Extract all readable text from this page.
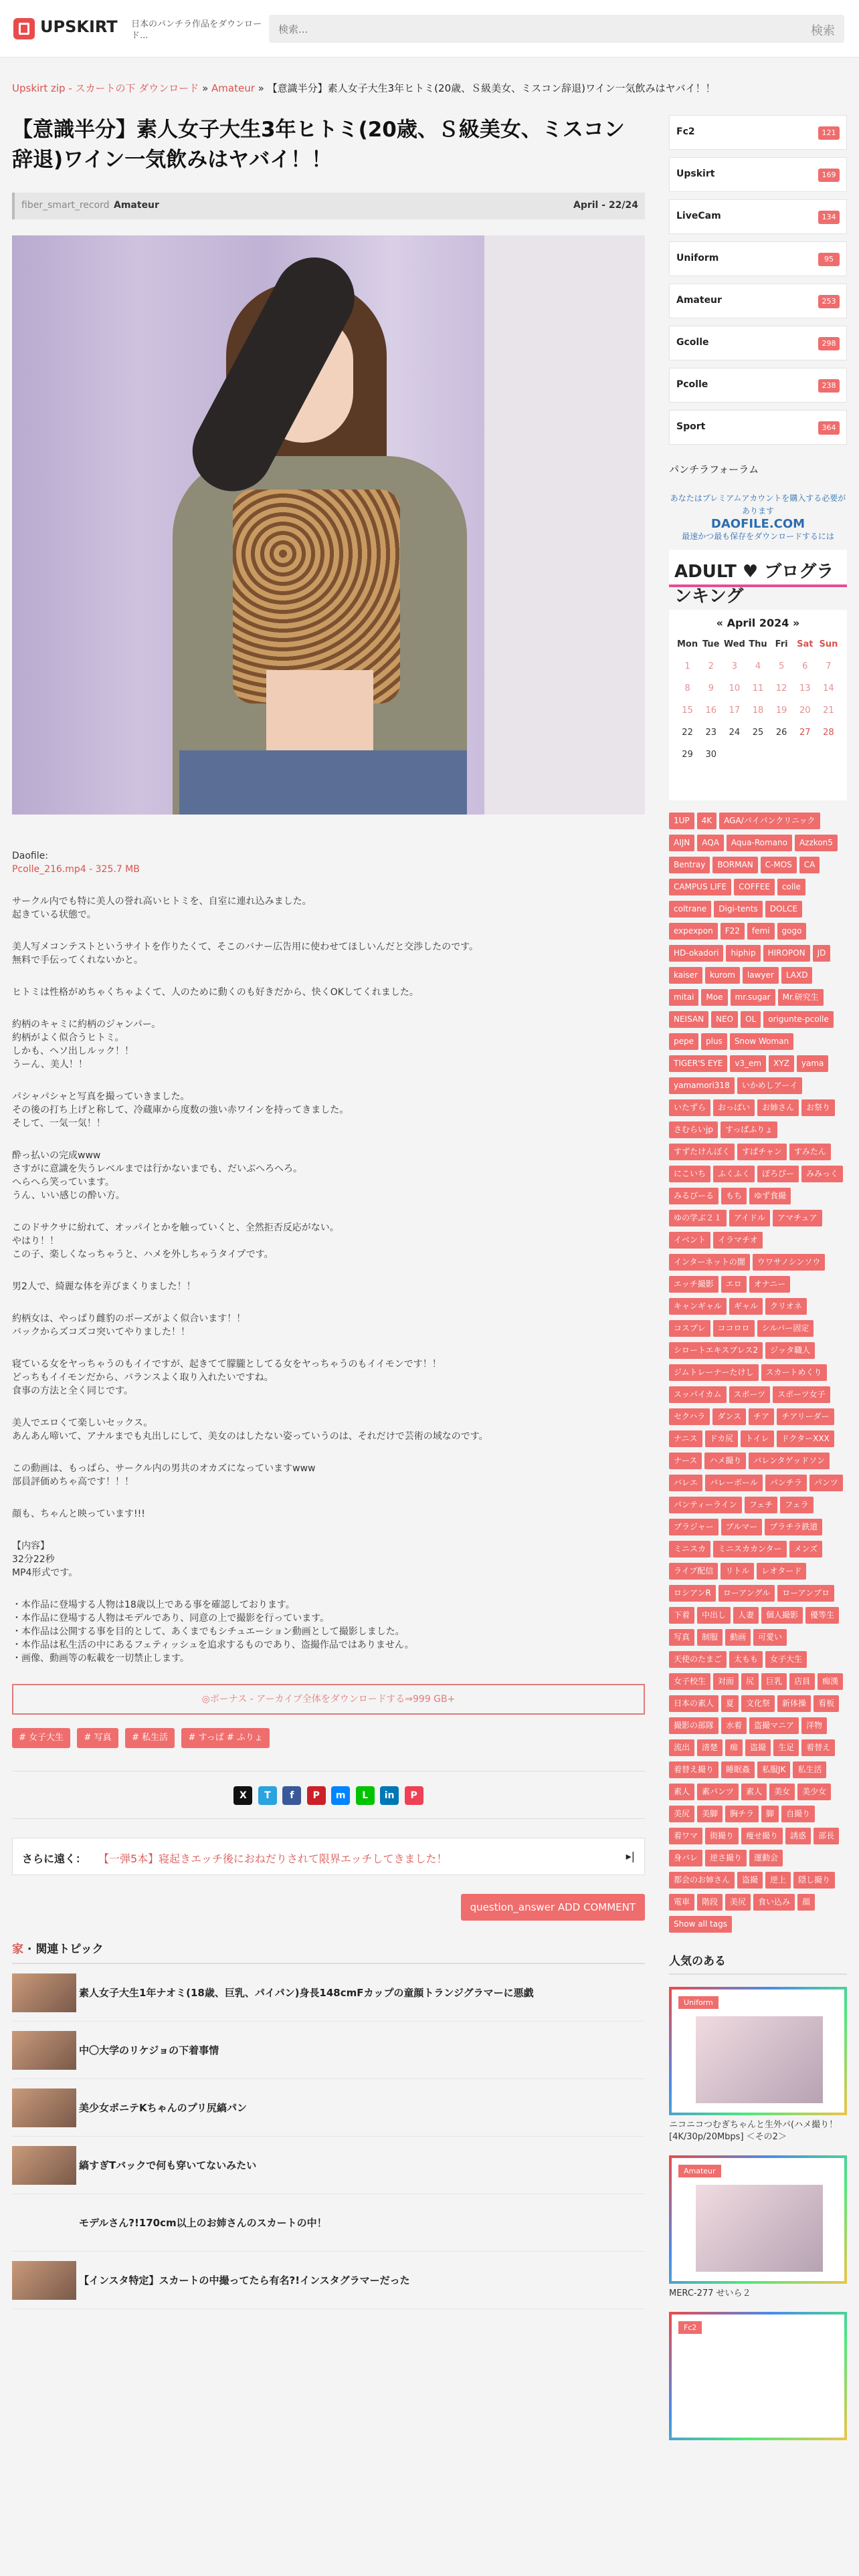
UPSKIRT 日本のパンチラ作品をダウンロード...
検索...	検索
Upskirt zip - スカートの下 ダウンロード » Amateur » 【意識半分】素人女子大生3年ヒトミ(20歳、Ｓ級美女、ミスコン辞退)ワイン一気飲みはヤバイ！！
【意識半分】素人女子大生3年ヒトミ(20歳、Ｓ級美女、ミスコン辞退)ワイン一気飲みはヤバイ！！
fiber_smart_record Amateur	April - 22/24
Daofile:
Pcolle_216.mp4 - 325.7 MB

サークル内でも特に美人の誉れ高いヒトミを、自室に連れ込みました。
起きている状態で。

美人写メコンテストというサイトを作りたくて、そこのバナー広告用に使わせてほしいんだと交渉したのです。
無料で手伝ってくれないかと。

ヒトミは性格がめちゃくちゃよくて、人のために動くのも好きだから、快くOKしてくれました。

約柄のキャミに約柄のジャンパー。
約柄がよく似合うヒトミ。
しかも、ヘソ出しルック！！
うーん、美人！！

パシャパシャと写真を撮っていきました。
その後の打ち上げと称して、冷蔵庫から度数の強い赤ワインを持ってきました。
そして、一気一気！！

酔っ払いの完成www
さすがに意識を失うレベルまでは行かないまでも、だいぶへろへろ。
へらへら笑っています。
うん、いい感じの酔い方。

このドサクサに紛れて、オッパイとかを触っていくと、全然拒否反応がない。
やはり！！
この子、楽しくなっちゃうと、ハメを外しちゃうタイプです。

男2人で、綺麗な体を弄びまくりました！！

約柄女は、やっぱり雌豹のポーズがよく似合います！！
バックからズコズコ突いてやりました！！

寝ている女をヤっちゃうのもイイですが、起きてて朦朧としてる女をヤっちゃうのもイイモンです！！
どっちもイイモンだから、バランスよく取り入れたいですね。
食事の方法と全く同じです。

美人でエロくて楽しいセックス。
あんあん啼いて、アナルまでも丸出しにして、美女のはしたない姿っていうのは、それだけで芸術の域なのです。

この動画は、もっぱら、サークル内の男共のオカズになっていますwww
部員評価めちゃ高です！！！

顔も、ちゃんと映っています!!!

【内容】
32分22秒
MP4形式です。

・本作品に登場する人物は18歳以上である事を確認しております。
・本作品に登場する人物はモデルであり、同意の上で撮影を行っています。
・本作品は公開する事を目的として、あくまでもシチュエーション動画として撮影しました。
・本作品は私生活の中にあるフェティッシュを追求するものであり、盗撮作品ではありません。
・画像、動画等の転載を一切禁止します。

◎ボーナス - アーカイブ全体をダウンロードする⇒999 GB+
# 女子大生 # 写真 # 私生活 # すっぱ # ふりょ
X T f P m L in P
さらに遠く： 【一弾5本】寝起きエッチ後におねだりされて限界エッチしてきました！	▸|
question_answer ADD COMMENT
家 · 関連トピック
素人女子大生1年ナオミ(18歳、巨乳、パイパン)身長148cmFカップの童顔トランジグラマーに悪戯
中〇大学のリケジョの下着事情
美少女ポニテKちゃんのプリ尻縞パン
縞すぎTバックで何も穿いてないみたい
モデルさん?!170cm以上のお姉さんのスカートの中！
【インスタ特定】スカートの中撮ってたら有名?!インスタグラマーだった
Fc2	121
Upskirt	169
LiveCam	134
Uniform	95
Amateur	253
Gcolle	298
Pcolle	238
Sport	364
パンチラフォーラム
あなたはプレミアムアカウントを購入する必要があります
DAOFILE.COM
最速かつ最も保存をダウンロードするには
ADULT ♥ ブログランキング
« April 2024 »
Mon	Tue	Wed	Thu	Fri	Sat	Sun
1	2	3	4	5	6	7
8	9	10	11	12	13	14
15	16	17	18	19	20	21
22	23	24	25	26	27	28
29	30					
1UP 4K AGA/パイパンクリニックAIJN AQA Aqua-Romano Azzkon5Bentray BORMAN C-MOS CACAMPUS LIFE COFFEE collecoltrane Digi-tents DOLCEexpexpon F22 femi gogoHD-okadori hiphip HIROPON JDkaiser kurom lawyer LAXDmitai Moe mr.sugar Mr.研究生NEISAN NEO OL origunte-pcollepepe plus Snow WomanTIGER'S EYE v3_em XYZ yamayamamori318 いかめしアーイいたずら おっぱい お姉さん お祭りさむらいjp すっぱふりょすずたけんぼく すぱチャン すみたんにこいち ふくふく ぽろぴー みみっくみるびーる もち ゆず食撮ゆの学ぶ２１ アイドル アマチュアイベント イラマチオインターネットの闇 ウワサノシンソウエッチ撮影 エロ オナニーキャンギャル ギャル クリオネコスプレ ココロロ シルバー固定シロートエキスプレス2 ジッタ職人ジムトレーナーたけし スカートめくりスッパイカム スポーツ スポーツ女子セクハラ ダンス チア チアリーダーナニス ドカ尻 トイレ ドクターXXXナース ハメ撮り バレンタゲッドソンバレエ バレーボール パンチラ パンツパンティーライン フェチ フェラブラジャー ブルマー ブラチラ鉄道ミニスカ ミニスカカンター メンズライブ配信 リトル レオタードロシアンR ローアングル ローアンプロ下着 中出し 人妻 個人撮影 優等生写真 制服 動画 可愛い天使のたまご 太もも 女子大生女子校生 対面 尻 巨乳 店員 痴漢日本の素人 夏 文化祭 新体操 看板撮影の部隊 水着 盗撮マニア 洋物流出 清楚 痴 盗撮 生足 着替え着替え撮り 睡眠姦 私服JK 私生活素人 素パンツ 素人 美女 美少女美尻 美脚 胸チラ 脚 自撮り着ワマ 街撮り 痩せ撮り 誘惑 部長身バレ 逆さ撮り 運動会都会のお姉さん 盗撮 逆上 隠し撮り電車 階段 美尻 食い込み 顔Show all tags
人気のある
Uniform
ニコニコつむぎちゃんと生外パ(ハメ撮り！ [4K/30p/20Mbps] ＜その2＞
Amateur
MERC-277 せいら２
Fc2
